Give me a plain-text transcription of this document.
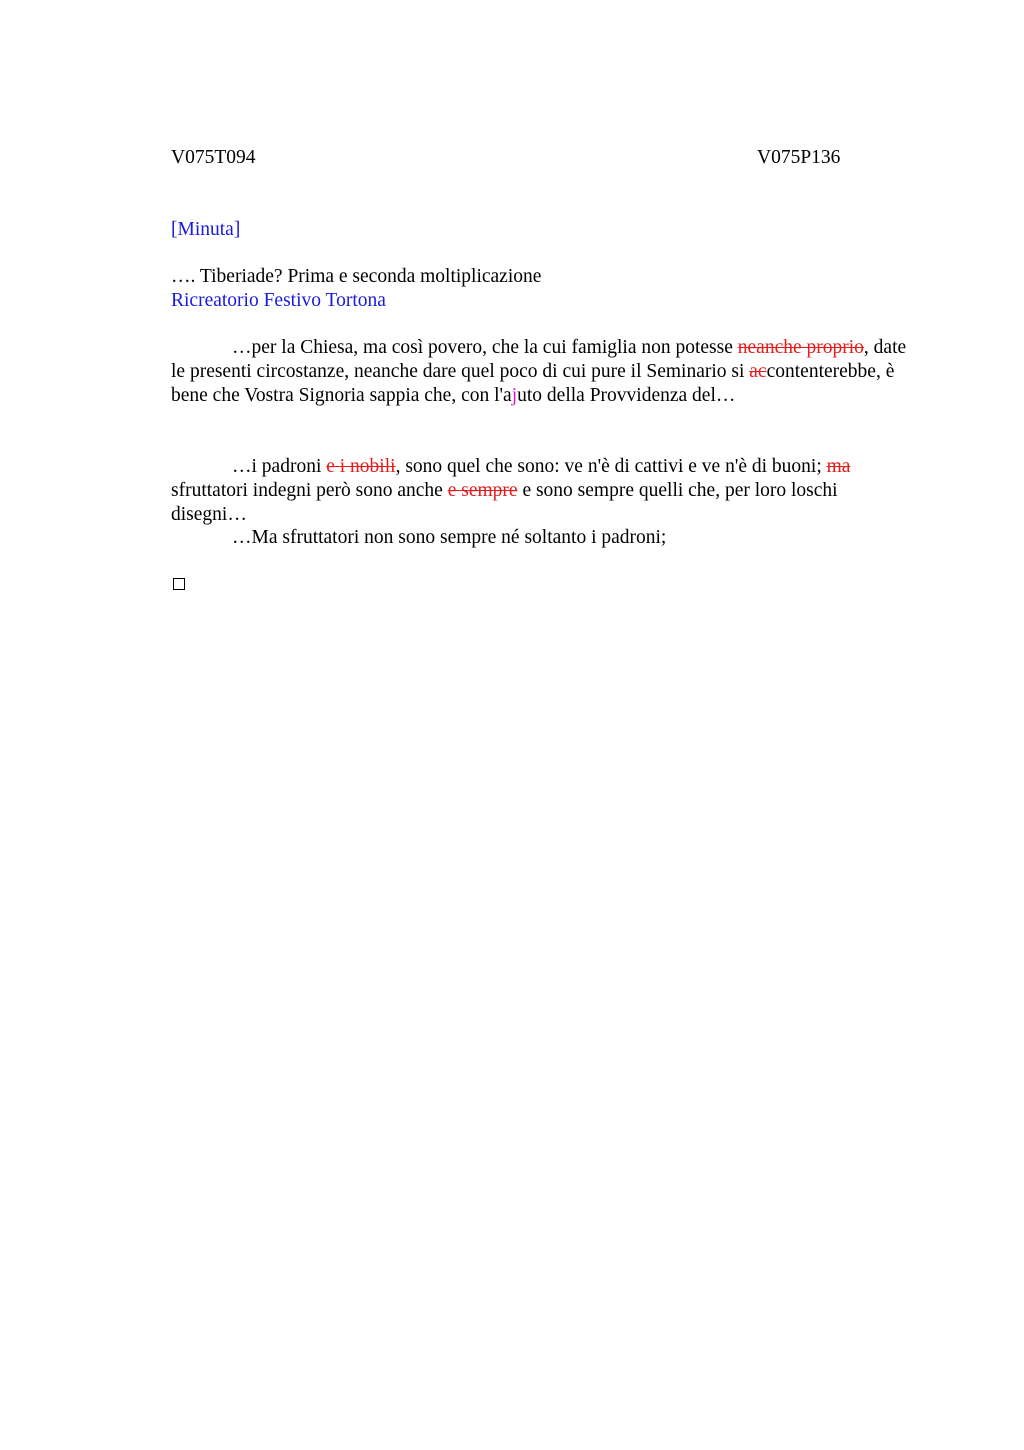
V075T094	V075P136
[Minuta]
…. Tiberiade? Prima e seconda moltiplicazione
Ricreatorio Festivo Tortona

…per la Chiesa, ma così povero, che la cui famiglia non potesse neanche proprio, date le presenti circostanze, neanche dare quel poco di cui pure il Seminario si accontenterebbe, è bene che Vostra Signoria sappia che, con l'ajuto della Provvidenza del…

…i padroni e i nobili, sono quel che sono: ve n'è di cattivi e ve n'è di buoni; ma sfruttatori indegni però sono anche e sempre e sono sempre quelli che, per loro loschi disegni…

…Ma sfruttatori non sono sempre né soltanto i padroni;
